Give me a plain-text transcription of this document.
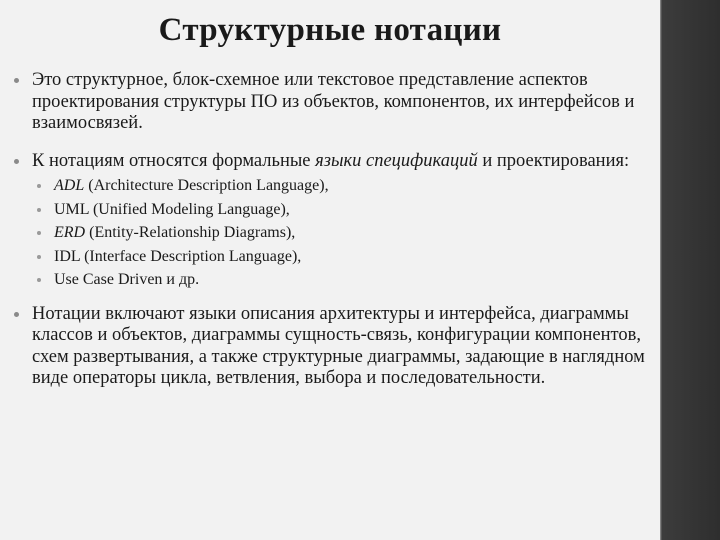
Структурные нотации
Это структурное, блок-схемное или текстовое представление аспектов проектирования структуры ПО из объектов, компонентов, их интерфейсов и взаимосвязей.
К нотациям относятся формальные языки спецификаций и проектирования:
ADL (Architecture Description Language),
UML (Unified Modeling Language),
ERD (Entity-Relationship Diagrams),
IDL (Interface Description Language),
Use Case Driven и др.
Нотации включают языки описания архитектуры и интерфейса, диаграммы классов и объектов, диаграммы сущность-связь, конфигурации компонентов, схем развертывания, а также структурные диаграммы, задающие в наглядном виде операторы цикла, ветвления, выбора и последовательности.
